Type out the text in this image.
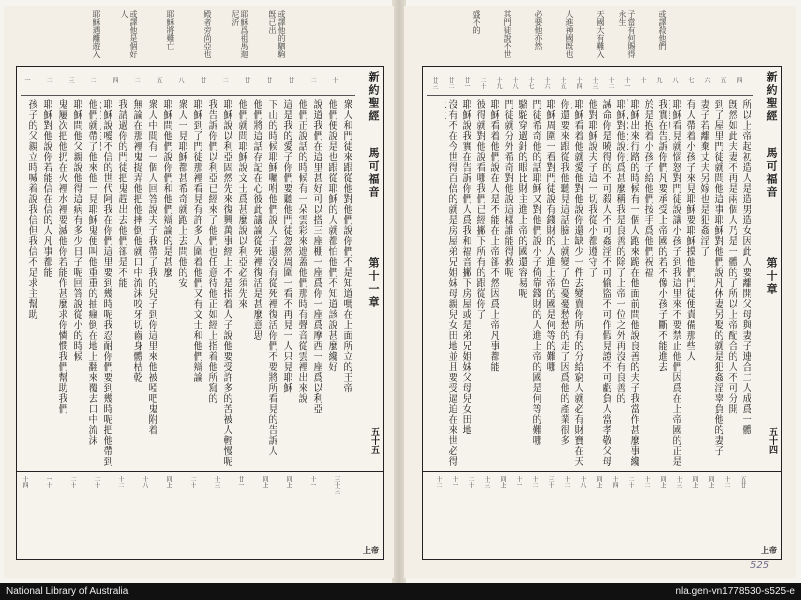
或譯他的駟駒旣已出
耶穌爲祖馬迦尼沂
殿者旁尚亞也
耶穌將雞亡
或譯他是個好人
耶穌遇離遊入
新約聖經
馬可福音
第十一章
五十五
上帝
十
二
廿
廿
廿
二
廿
八
五
二
四
二
三
二
一
衆人和門徒來跟從他對他們說你們不是知道嗎在上面所立的王帝
他們便說是也跟從耶穌的人就都怕他們不知道該說甚麼纔好
說道我們在這里甚好可以搭三座棚一座爲你一座爲摩西一座爲以利亞
他們正說話的時候有一朵雲彩來遮蓋他們那時有聲音從雲裡出來說
這是我的愛子你們要聽他門徒忽然周圍一看不再見一人只見耶穌
下山的時候耶穌囑咐他們說人子還沒有從死裡復活你們不要將所看見的告訴人
他們將這話存記在心彼此議論從死裡復活是甚麼意思
他們就問耶穌說文士爲甚麼說以利亞必須先來
耶穌說以利亞固然先來復興萬事經上不是指着人子說他要受許多的苦被人輕慢呢
我告訴你們以利亞已經來了他們也任意待他正如經上指着他所寫的
耶穌到了門徒那裡看見有許多人圍着他們又有文士和他們辯論
衆人一見耶穌都甚希奇就跑上去問他的安
耶穌問他們說你們和他們辯論的是甚麼
衆人中間有一個人回答說夫子我帶了我的兒子到你這里來他被啞吧鬼附着
無論在那裡鬼捉弄他把他摔倒他就口中流沫咬牙切齒身體枯乾
我請過你的門徒把鬼趕出去他們卻是不能
耶穌說噯不信的世代阿我在你們這里要到幾時呢我忍耐你們要到幾時呢把他帶到
他們就帶了他來他一見耶穌鬼便叫他重重的抽瘋倒在地上翻來覆去口中流沫
耶穌問他父親說他得這病有多少日子呢回答說從小的時候
鬼屢次把他扔在火裡水裡要滅他你若能作甚麼求你憐憫我們幫助我們
耶穌對他說你若能信在信的人凡事都能
孩子的父親立時喊着說我信但我信不足求主幫助
三十三
十一
同上
同上
廿一
十三
二十
同上
十八
十二
二十
二十
一十
十四
或譯殺他們
子當有何賜得永生
天國大有難入
人進神國旣也
必要他亦然
其門徒說不世
盛不的
新約聖經
馬可福音
第十章
五十四
上帝
四
五
六
七
八
九
十
十一
十二
十三
十四
十五
十六
十七
十八
十九
二十
廿一
廿二
廿三
所以上帝起初造人是造男造女因此人要離開父母與妻子連合二人成爲一體
旣然如此夫妻不再是兩個人乃是一體的了所以上帝配合的人不可分開
到了屋里門徒就問他這事耶穌對他們說凡休妻另娶的就是犯姦淫辜負他的妻子
妻子若離棄丈夫另嫁也是犯姦淫了
有人帶着小孩子來見耶穌要耶穌摸他們門徒便責備那些人
耶穌看見就惱怒對門徒說讓小孩子到我這里來不要禁止他們因爲在上帝國的正是
我實在告訴你們凡要承受上帝國的若不像小孩子斷不能進去
於是抱着小孩子給他們按手爲他們祝福
耶穌出來行路的時候有一個人跑來跪在他面前問他說良善的夫子我當作甚麼事纔
耶穌對他說你爲甚麼稱我是良善的除了上帝一位之外再沒有良善的
誡命你是曉得的不可殺人不可姦淫不可偷盜不可作假見證不可虧負人當孝敬父母
他對耶穌說夫子這一切我從小都遵守了
耶穌看着他就愛他對他說你還缺少一件去變賣你所有的分給窮人就必有財寶在天
你還要來跟從我他聽見這話臉上就變了色憂憂愁愁的走了因爲他的產業很多
耶穌周圍一看對門徒說有錢財的人進上帝的國是何等的難哪
門徒希奇他的話耶穌又對他們說小子倚靠錢財的人進上帝的國是何等的難哪
駱駝穿過針的眼比財主進上帝的國還容易呢
門徒就分外希奇對他說這樣誰能得救呢
耶穌看着他們說在人是不能在上帝卻不然因爲上帝凡事都能
彼得就對他說看哪我們已經撇下所有的跟從你了
耶穌說我實在告訴你們人爲我和福音撇下房屋或是弟兄姐妹父母兒女田地
沒有不在今世得百倍的就是房屋弟兄姐妹母親兒女田地並且要受逼迫在來世必得
五廿
十二
同上
同上
十三
同上
十二
二十
十四
同上
十八
十二
三十
十二
十一
同上
十三
二十
十一
十二
525
National Library of Australia	nla.gen-vn1778530-s525-e
